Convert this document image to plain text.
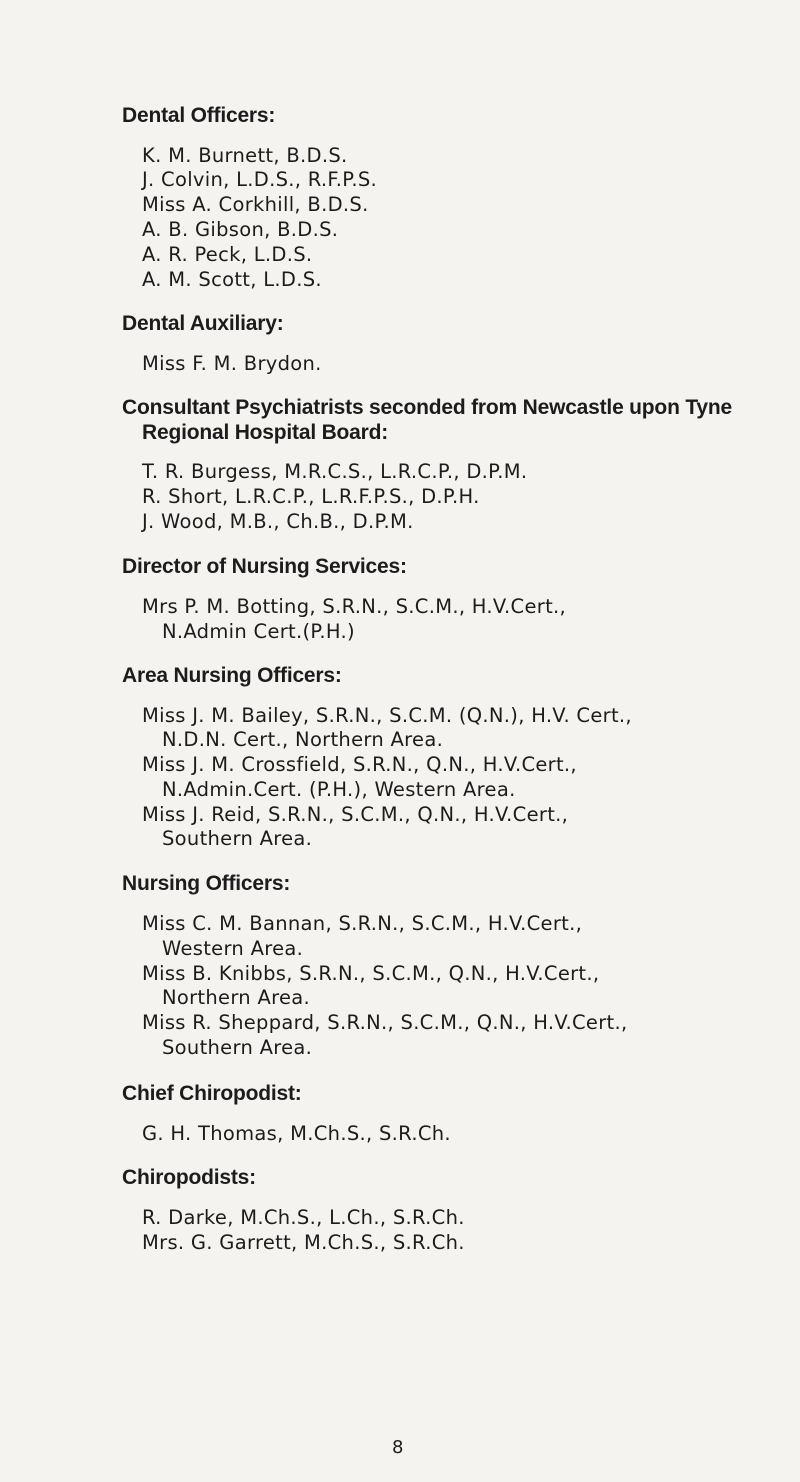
Dental Officers:
K. M. Burnett, B.D.S.
J. Colvin, L.D.S., R.F.P.S.
Miss A. Corkhill, B.D.S.
A. B. Gibson, B.D.S.
A. R. Peck, L.D.S.
A. M. Scott, L.D.S.
Dental Auxiliary:
Miss F. M. Brydon.
Consultant Psychiatrists seconded from Newcastle upon Tyne
Regional Hospital Board:
T. R. Burgess, M.R.C.S., L.R.C.P., D.P.M.
R. Short, L.R.C.P., L.R.F.P.S., D.P.H.
J. Wood, M.B., Ch.B., D.P.M.
Director of Nursing Services:
Mrs P. M. Botting, S.R.N., S.C.M., H.V.Cert.,
N.Admin Cert.(P.H.)
Area Nursing Officers:
Miss J. M. Bailey, S.R.N., S.C.M. (Q.N.), H.V. Cert.,
N.D.N. Cert., Northern Area.
Miss J. M. Crossfield, S.R.N., Q.N., H.V.Cert.,
N.Admin.Cert. (P.H.), Western Area.
Miss J. Reid, S.R.N., S.C.M., Q.N., H.V.Cert.,
Southern Area.
Nursing Officers:
Miss C. M. Bannan, S.R.N., S.C.M., H.V.Cert.,
Western Area.
Miss B. Knibbs, S.R.N., S.C.M., Q.N., H.V.Cert.,
Northern Area.
Miss R. Sheppard, S.R.N., S.C.M., Q.N., H.V.Cert.,
Southern Area.
Chief Chiropodist:
G. H. Thomas, M.Ch.S., S.R.Ch.
Chiropodists:
R. Darke, M.Ch.S., L.Ch., S.R.Ch.
Mrs. G. Garrett, M.Ch.S., S.R.Ch.
8
